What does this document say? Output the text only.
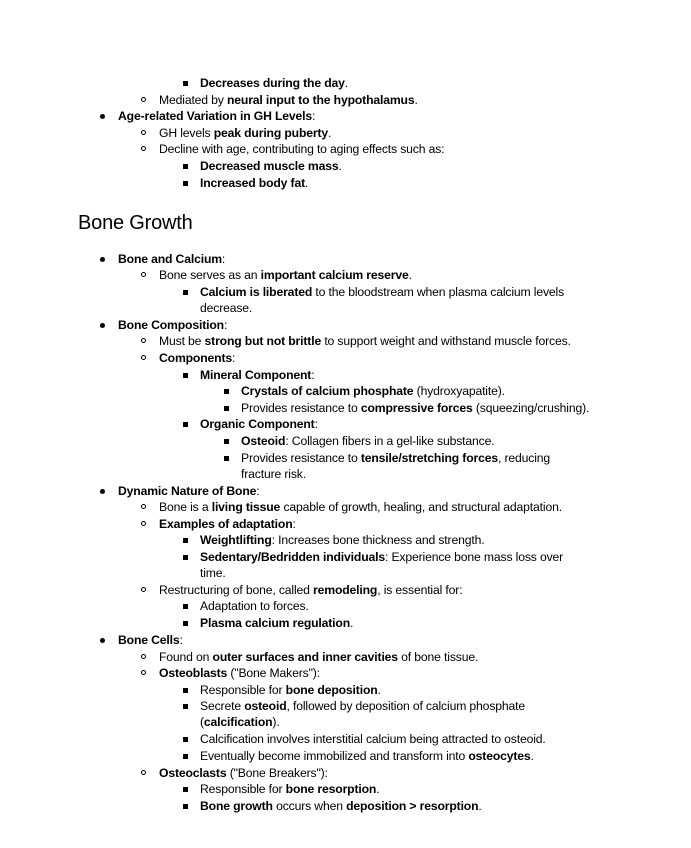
Bone Growth
Decreases during the day.
Mediated by neural input to the hypothalamus.
Age-related Variation in GH Levels:
GH levels peak during puberty.
Decline with age, contributing to aging effects such as:
Decreased muscle mass.
Increased body fat.
Bone and Calcium:
Bone serves as an important calcium reserve.
Calcium is liberated to the bloodstream when plasma calcium levels
decrease.
Bone Composition:
Must be strong but not brittle to support weight and withstand muscle forces.
Components:
Mineral Component:
Crystals of calcium phosphate (hydroxyapatite).
Provides resistance to compressive forces (squeezing/crushing).
Organic Component:
Osteoid: Collagen fibers in a gel-like substance.
Provides resistance to tensile/stretching forces, reducing
fracture risk.
Dynamic Nature of Bone:
Bone is a living tissue capable of growth, healing, and structural adaptation.
Examples of adaptation:
Weightlifting: Increases bone thickness and strength.
Sedentary/Bedridden individuals: Experience bone mass loss over
time.
Restructuring of bone, called remodeling, is essential for:
Adaptation to forces.
Plasma calcium regulation.
Bone Cells:
Found on outer surfaces and inner cavities of bone tissue.
Osteoblasts ("Bone Makers"):
Responsible for bone deposition.
Secrete osteoid, followed by deposition of calcium phosphate
(calcification).
Calcification involves interstitial calcium being attracted to osteoid.
Eventually become immobilized and transform into osteocytes.
Osteoclasts ("Bone Breakers"):
Responsible for bone resorption.
Bone growth occurs when deposition > resorption.
